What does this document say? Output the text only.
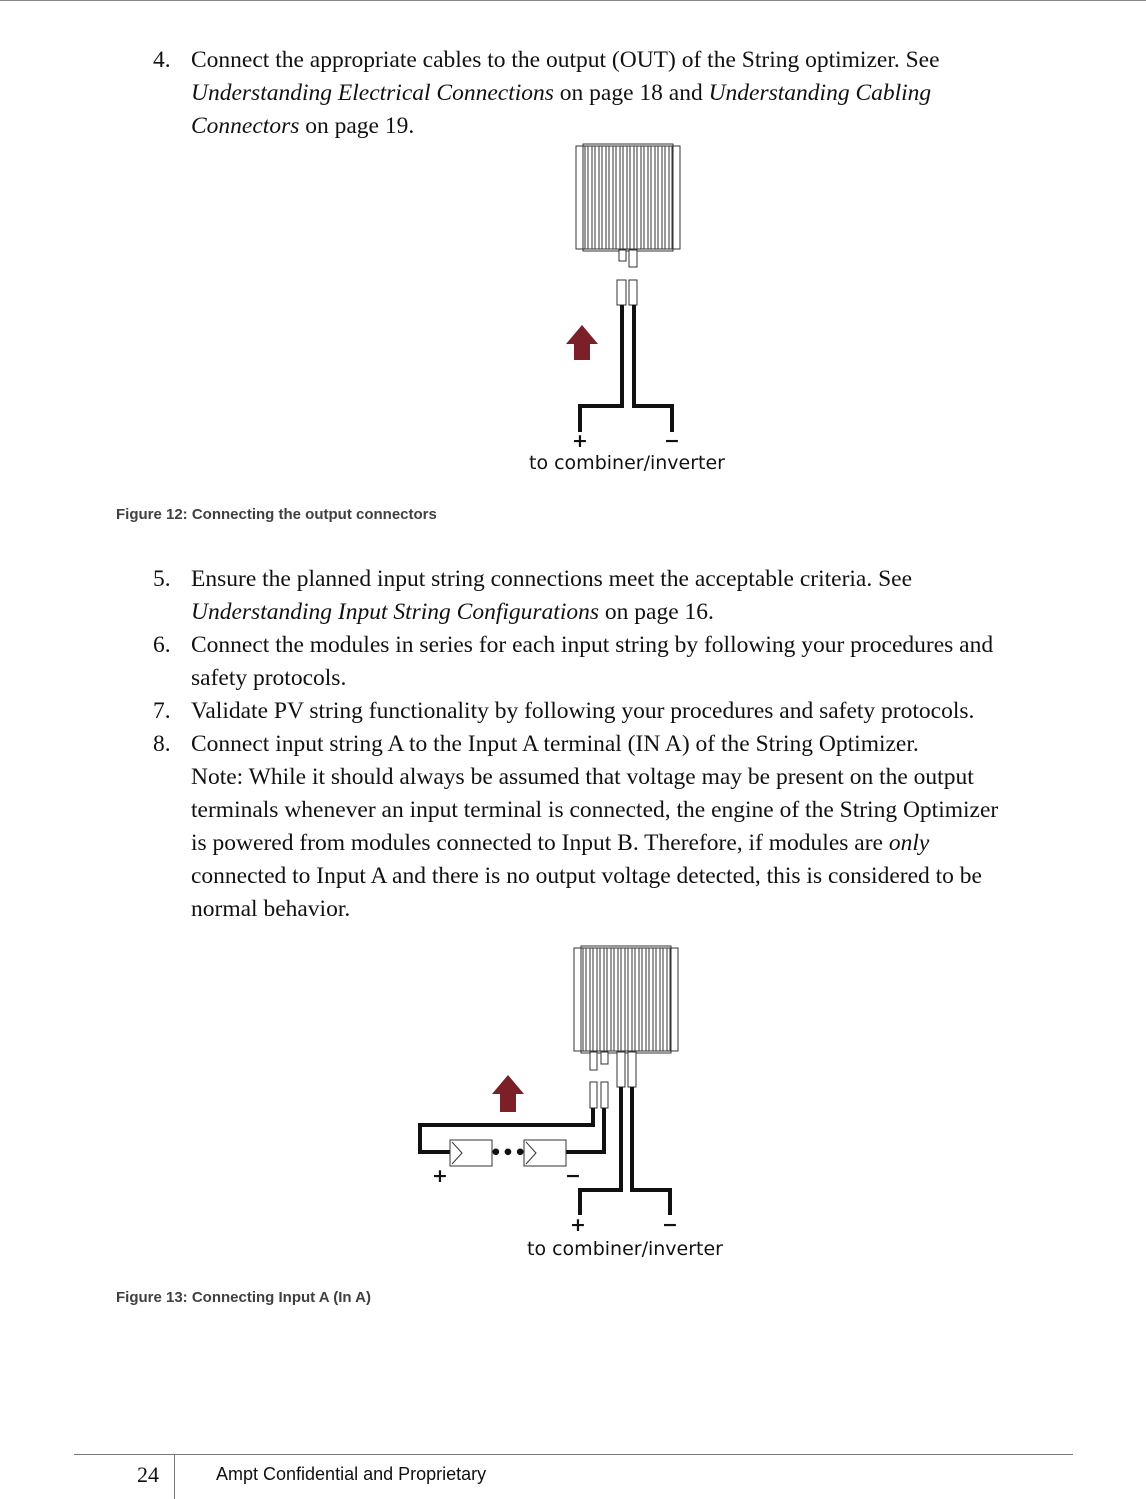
4. Connect the appropriate cables to the output (OUT) of the String optimizer. See
Understanding Electrical Connections on page 18 and Understanding Cabling
Connectors on page 19.
5. Ensure the planned input string connections meet the acceptable criteria. See
Understanding Input String Configurations on page 16.
6. Connect the modules in series for each input string by following your procedures and
safety protocols.
7. Validate PV string functionality by following your procedures and safety protocols.
8. Connect input string A to the Input A terminal (IN A) of the String Optimizer.
Note: While it should always be assumed that voltage may be present on the output
terminals whenever an input terminal is connected, the engine of the String Optimizer
is powered from modules connected to Input B. Therefore, if modules are only
connected to Input A and there is no output voltage detected, this is considered to be
normal behavior.
+	−
to combiner/inverter
•••
+	−
+	−
to combiner/inverter
Figure 12: Connecting the output connectors
Figure 13: Connecting Input A (In A)
24	Ampt Confidential and Proprietary
